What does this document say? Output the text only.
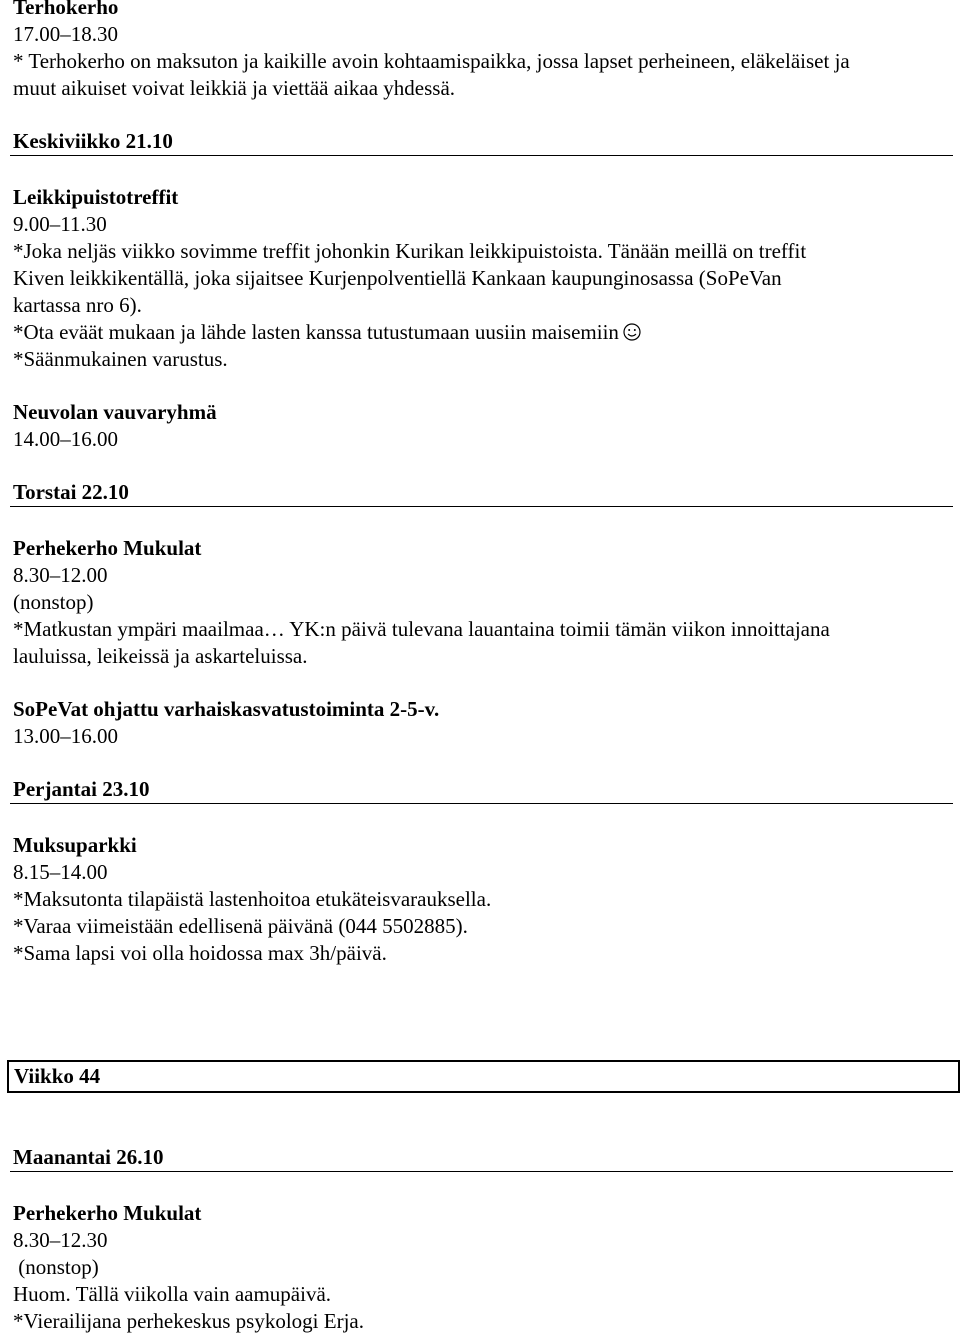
Terhokerho
17.00–18.30
* Terhokerho on maksuton ja kaikille avoin kohtaamispaikka, jossa lapset perheineen, eläkeläiset ja
muut aikuiset voivat leikkiä ja viettää aikaa yhdessä.
Keskiviikko 21.10
Leikkipuistotreffit
9.00–11.30
*Joka neljäs viikko sovimme treffit johonkin Kurikan leikkipuistoista. Tänään meillä on treffit
Kiven leikkikentällä, joka sijaitsee Kurjenpolventiellä Kankaan kaupunginosassa (SoPeVan
kartassa nro 6).
*Ota eväät mukaan ja lähde lasten kanssa tutustumaan uusiin maisemiin
*Säänmukainen varustus.
Neuvolan vauvaryhmä
14.00–16.00
Torstai 22.10
Perhekerho Mukulat
8.30–12.00
(nonstop)
*Matkustan ympäri maailmaa… YK:n päivä tulevana lauantaina toimii tämän viikon innoittajana
lauluissa, leikeissä ja askarteluissa.
SoPeVat ohjattu varhaiskasvatustoiminta 2-5-v.
13.00–16.00
Perjantai 23.10
Muksuparkki
8.15–14.00
*Maksutonta tilapäistä lastenhoitoa etukäteisvarauksella.
*Varaa viimeistään edellisenä päivänä (044 5502885).
*Sama lapsi voi olla hoidossa max 3h/päivä.
Viikko 44
Maanantai 26.10
Perhekerho Mukulat
8.30–12.30
(nonstop)
Huom. Tällä viikolla vain aamupäivä.
*Vierailijana perhekeskus psykologi Erja.
